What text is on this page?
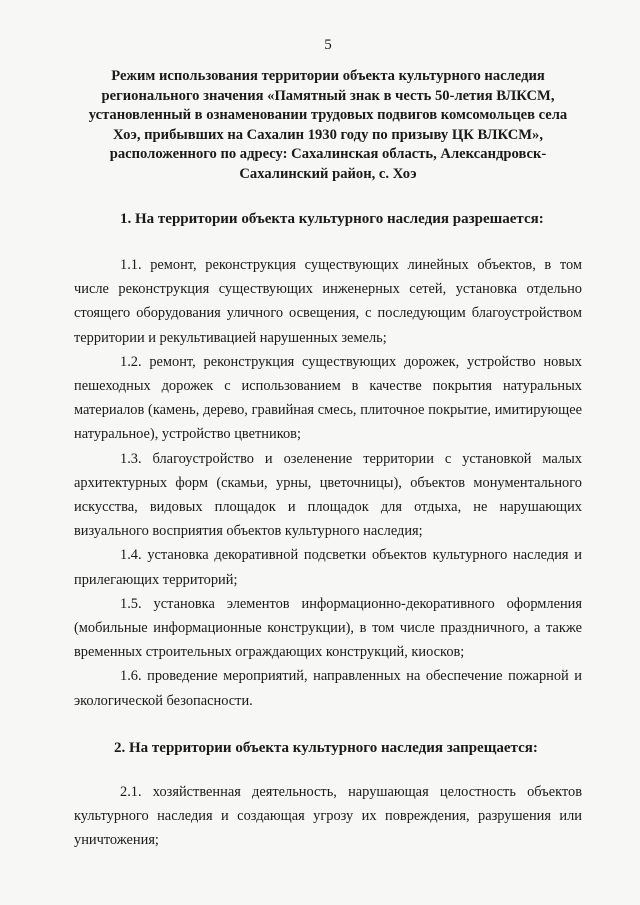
5
Режим использования территории объекта культурного наследия регионального значения «Памятный знак в честь 50-летия ВЛКСМ, установленный в ознаменовании трудовых подвигов комсомольцев села Хоэ, прибывших на Сахалин 1930 году по призыву ЦК ВЛКСМ», расположенного по адресу: Сахалинская область, Александровск-Сахалинский район, с. Хоэ
1. На территории объекта культурного наследия разрешается:

1.1. ремонт, реконструкция существующих линейных объектов, в том числе реконструкция существующих инженерных сетей, установка отдельно стоящего оборудования уличного освещения, с последующим благоустройством территории и рекультивацией нарушенных земель;

1.2. ремонт, реконструкция существующих дорожек, устройство новых пешеходных дорожек с использованием в качестве покрытия натуральных материалов (камень, дерево, гравийная смесь, плиточное покрытие, имитирующее натуральное), устройство цветников;

1.3. благоустройство и озеленение территории с установкой малых архитектурных форм (скамьи, урны, цветочницы), объектов монументального искусства, видовых площадок и площадок для отдыха, не нарушающих визуального восприятия объектов культурного наследия;

1.4. установка декоративной подсветки объектов культурного наследия и прилегающих территорий;

1.5. установка элементов информационно-декоративного оформления (мобильные информационные конструкции), в том числе праздничного, а также временных строительных ограждающих конструкций, киосков;

1.6. проведение мероприятий, направленных на обеспечение пожарной и экологической безопасности.

2. На территории объекта культурного наследия запрещается:

2.1. хозяйственная деятельность, нарушающая целостность объектов культурного наследия и создающая угрозу их повреждения, разрушения или уничтожения;
